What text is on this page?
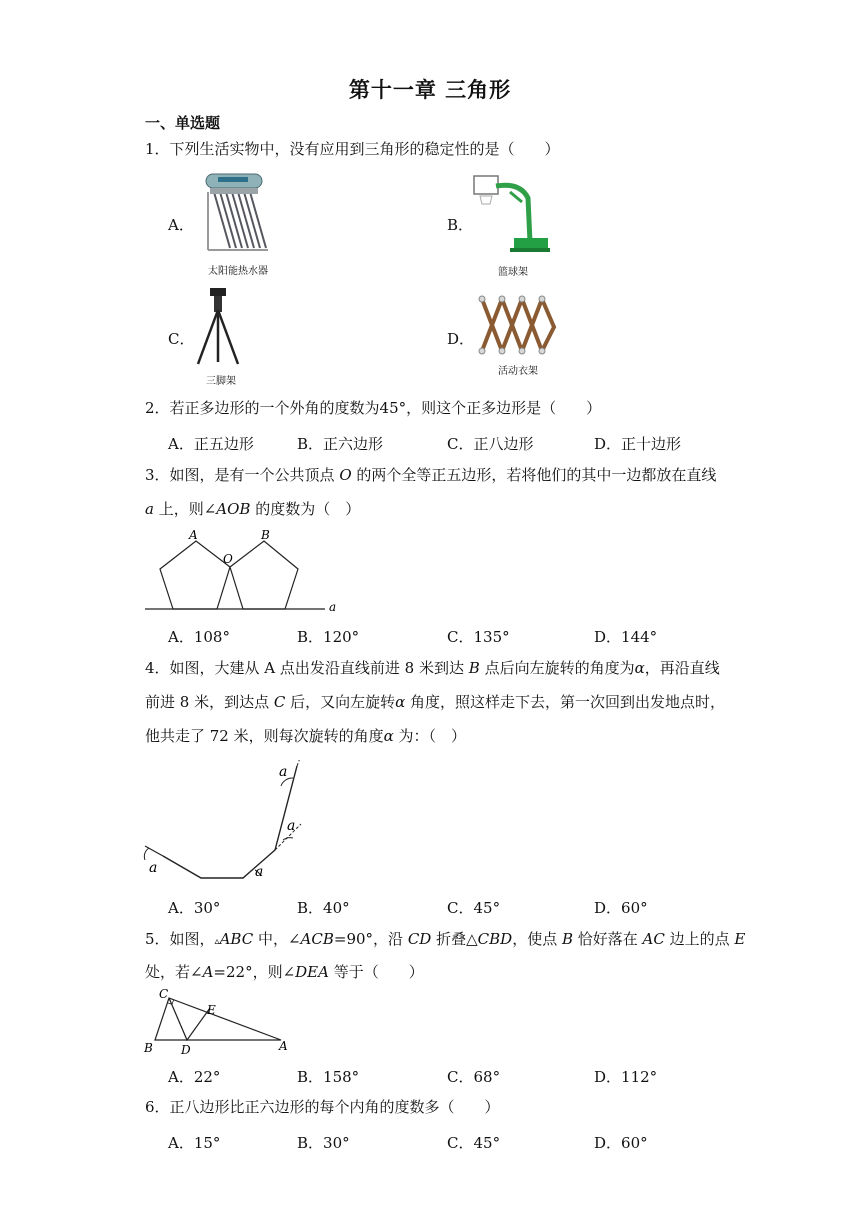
第十一章 三角形
一、单选题
1．下列生活实物中，没有应用到三角形的稳定性的是（　　）
A．
太阳能热水器
B．
篮球架
C．
三脚架
D．
活动衣架
2．若正多边形的一个外角的度数为45°，则这个正多边形是（　　）
A．正五边形	B．正六边形	C．正八边形	D．正十边形
3．如图，是有一个公共顶点 O 的两个全等正五边形，若将他们的其中一边都放在直线
a 上，则∠AOB 的度数为（　）
A
O
B
a
A．108°	B．120°	C．135°	D．144°
4．如图，大建从 A 点出发沿直线前进 8 米到达 B 点后向左旋转的角度为α，再沿直线
前进 8 米，到达点 C 后，又向左旋转α 角度，照这样走下去，第一次回到出发地点时，
他共走了 72 米，则每次旋转的角度α 为：（　）
a
a
a
a
A．30°	B．40°	C．45°	D．60°
5．如图，▵ABC 中，∠ACB=90°，沿 CD 折叠△CBD，使点 B 恰好落在 AC 边上的点 E
处，若∠A=22°，则∠DEA 等于（　　）
C
E
B D	A
A．22°	B．158°	C．68°	D．112°
6．正八边形比正六边形的每个内角的度数多（　　）
A．15°	B．30°	C．45°	D．60°
